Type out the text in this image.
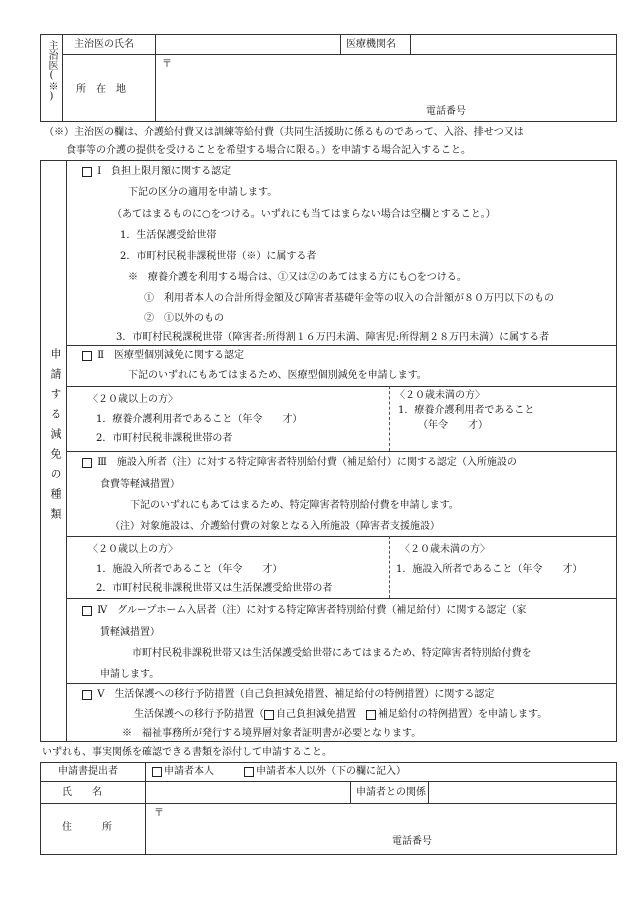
主治医(※) 主治医の氏名	医療機関名
所　在　地
〒
電話番号
（※）主治医の欄は、介護給付費又は訓練等給付費（共同生活援助に係るものであって、入浴、排せつ又は
食事等の介護の提供を受けることを希望する場合に限る。）を申請する場合記入すること。
申請する減免の種類
Ⅰ　負担上限月額に関する認定
下記の区分の適用を申請します。
（あてはまるものに○をつける。いずれにも当てはまらない場合は空欄とすること。）
1．生活保護受給世帯
2．市町村民税非課税世帯（※）に属する者
※　療養介護を利用する場合は、①又は②のあてはまる方にも○をつける。
①　利用者本人の合計所得金額及び障害者基礎年金等の収入の合計額が８０万円以下のもの
②　①以外のもの
3．市町村民税課税世帯（障害者:所得割１６万円未満、障害児:所得割２８万円未満）に属する者
Ⅱ　医療型個別減免に関する認定
下記のいずれにもあてはまるため、医療型個別減免を申請します。
〈２０歳以上の方〉
1．療養介護利用者であること（年令　　才）
2．市町村民税非課税世帯の者
〈２０歳未満の方〉
1．療養介護利用者であること
（年令　　才）
Ⅲ　施設入所者（注）に対する特定障害者特別給付費（補足給付）に関する認定（入所施設の
食費等軽減措置）
下記のいずれにもあてはまるため、特定障害者特別給付費を申請します。
（注）対象施設は、介護給付費の対象となる入所施設（障害者支援施設）
〈２０歳以上の方〉
1．施設入所者であること（年令　　才）
2．市町村民税非課税世帯又は生活保護受給世帯の者
〈２０歳未満の方〉
1．施設入所者であること（年令　　才）
Ⅳ　グループホーム入居者（注）に対する特定障害者特別給付費（補足給付）に関する認定（家
賃軽減措置）
市町村民税非課税世帯又は生活保護受給世帯にあてはまるため、特定障害者特別給付費を
申請します。
Ⅴ　生活保護への移行予防措置（自己負担減免措置、補足給付の特例措置）に関する認定
生活保護への移行予防措置（ 自己負担減免措置　補足給付の特例措置）を申請します。
※　福祉事務所が発行する境界層対象者証明書が必要となります。
いずれも、事実関係を確認できる書類を添付して申請すること。
申請書提出者	申請者本人	申請者本人以外（下の欄に記入）
氏　　名	申請者との関係
住　　　所
〒
電話番号
